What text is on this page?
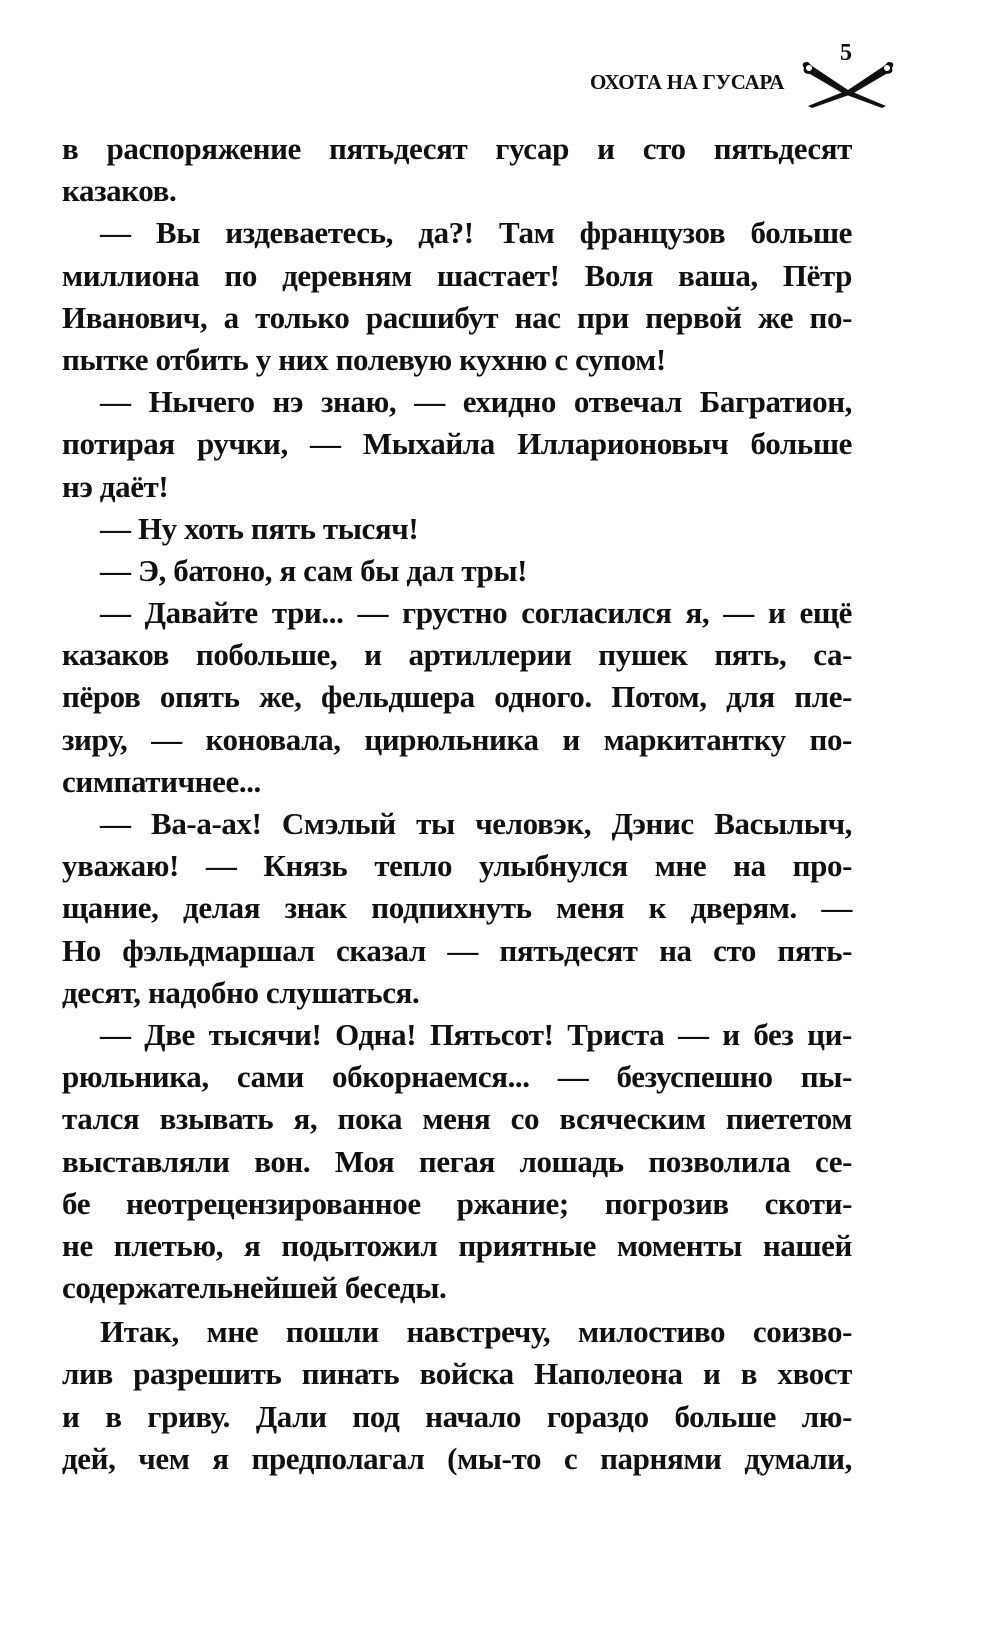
ОХОТА НА ГУСАРА
5
в распоряжение пятьдесят гусар и сто пятьдесят
казаков.
— Вы издеваетесь, да?! Там французов больше
миллиона по деревням шастает! Воля ваша, Пётр
Иванович, а только расшибут нас при первой же по-
пытке отбить у них полевую кухню с супом!
— Нычего нэ знаю, — ехидно отвечал Багратион,
потирая ручки, — Мыхайла Илларионовыч больше
нэ даёт!
— Ну хоть пять тысяч!
— Э, батоно, я сам бы дал тры!
— Давайте три... — грустно согласился я, — и ещё
казаков побольше, и артиллерии пушек пять, са-
пёров опять же, фельдшера одного. Потом, для пле-
зиру, — коновала, цирюльника и маркитантку по-
симпатичнее...
— Ва-а-ах! Смэлый ты человэк, Дэнис Васылыч,
уважаю! — Князь тепло улыбнулся мне на про-
щание, делая знак подпихнуть меня к дверям. —
Но фэльдмаршал сказал — пятьдесят на сто пять-
десят, надобно слушаться.
— Две тысячи! Одна! Пятьсот! Триста — и без ци-
рюльника, сами обкорнаемся... — безуспешно пы-
тался взывать я, пока меня со всяческим пиететом
выставляли вон. Моя пегая лошадь позволила се-
бе неотрецензированное ржание; погрозив скоти-
не плетью, я подытожил приятные моменты нашей
содержательнейшей беседы.
Итак, мне пошли навстречу, милостиво соизво-
лив разрешить пинать войска Наполеона и в хвост
и в гриву. Дали под начало гораздо больше лю-
дей, чем я предполагал (мы-то с парнями думали,
